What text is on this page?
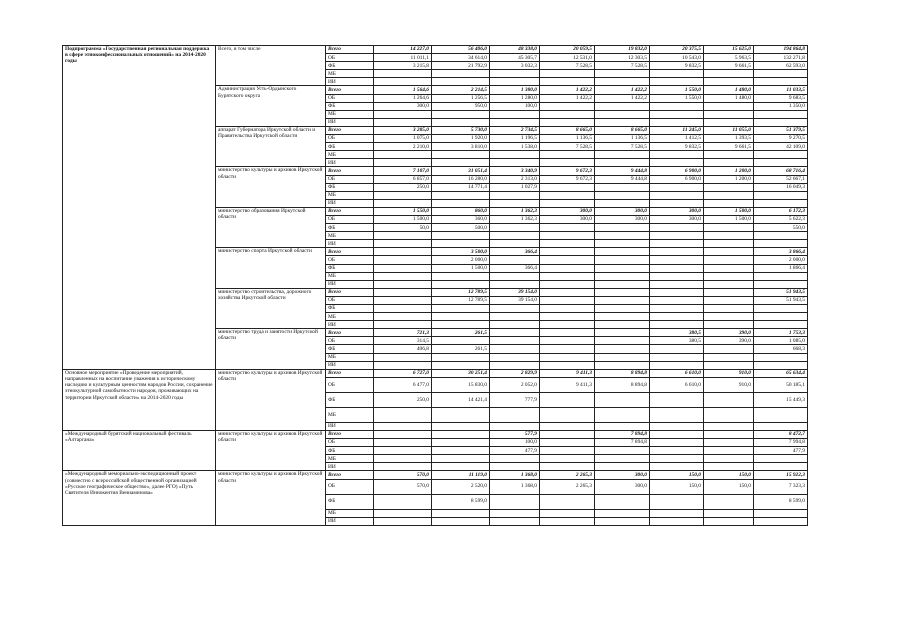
Подпрограмма «Государственная региональная поддержка в сфере этноконфессиональных отношений» на 2014-2020 годы	Всего, в том числе	Всего	14 227,0	56 406,0	48 338,0	20 059,5	19 832,0	20 375,5	15 625,0	194 864,8
		ОБ	11 011,1	34 614,0	45 305,7	12 531,0	12 303,5	10 543,0	5 963,5	132 271,8
		ФБ	3 215,8	21 792,9	3 032,3	7 528,5	7 528,5	9 832,5	9 661,5	62 593,0
		МБ								
		ИИ								
	Администрация Усть-Ордынского Бурятского округа	Всего	1 564,6	2 214,5	1 380,0	1 422,2	1 422,2	1 550,0	1 480,0	11 033,5
		ОБ	1 264,6	1 256,5	1 280,0	1 422,2	1 422,2	1 550,0	1 480,0	9 683,5
		ФБ	300,0	950,0	100,0					1 350,0
		МБ								
		ИИ								
	аппарат Губернатора Иркутской области и Правительства Иркутской области	Всего	3 285,0	5 730,0	2 734,5	8 665,0	8 665,0	11 245,0	11 055,0	51 379,5
		ОБ	1 075,0	1 920,0	1 196,5	1 136,5	1 136,5	1 412,5	1 393,5	9 270,5
		ФБ	2 210,0	3 810,0	1 538,0	7 528,5	7 528,5	9 832,5	9 661,5	42 109,0
		МБ								
		ИИ								
	министерство культуры и архивов Иркутской области	Всего	7 107,0	31 051,4	3 340,9	9 672,3	9 444,8	6 900,0	1 200,0	68 716,4
		ОБ	6 857,0	16 280,0	2 313,0	9 672,3	9 444,8	6 900,0	1 200,0	52 667,1
		ФБ	250,0	14 771,4	1 027,9					16 049,3
		МБ								
		ИИ								
	министерство образования Иркутской области	Всего	1 550,0	860,0	1 362,3	300,0	300,0	300,0	1 500,0	6 172,3
		ОБ	1 500,0	360,0	1 362,3	300,0	300,0	300,0	1 500,0	5 622,3
		ФБ	50,0	500,0						550,0
		МБ								
		ИИ								
	министерство спорта Иркутской области	Всего		3 500,0	366,4					3 866,4
		ОБ		2 000,0						2 000,0
		ФБ		1 500,0	366,4					1 866,4
		МБ								
		ИИ								
	министерство строительства, дорожного хозяйства Иркутской области	Всего		12 789,5	39 154,0					51 943,5
		ОБ		12 789,5	39 154,0					51 943,5
		ФБ								
		МБ								
		ИИ								
	министерство труда и занятости Иркутской области	Всего	721,3	261,5				380,5	390,0	1 753,3
		ОБ	314,5					380,5	390,0	1 085,0
		ФБ	406,8	261,5						668,3
		МБ								
		ИИ								
Основное мероприятие «Проведение мероприятий, направленных на воспитание уважения к историческому наследию и культурным ценностям народов России, сохранение этнокультурной самобытности народов, проживающих на территории Иркутской области» на 2014-2020 годы	министерство культуры и архивов Иркутской области	Всего	6 727,0	30 251,4	2 829,9	9 411,3	8 894,8	6 610,0	910,0	65 634,4
		ОБ	6 477,0	15 830,0	2 052,0	9 411,3	8 894,8	6 610,0	910,0	50 185,1
		ФБ	250,0	14 421,4	777,9					15 449,3
		МБ								
		ИИ								
«Международный бурятский национальный фестиваль «Алтаргана»	министерство культуры и архивов Иркутской области	Всего			577,9		7 894,8			8 472,7
		ОБ			100,0		7 894,8			7 994,8
		ФБ			477,9					477,9
		МБ								
		ИИ								
«Международный мемориально-экспедиционный проект (совместно с всероссийской общественной организацией «Русское географическое общество», далее РГО) «Путь Святителя Иннокентия Вениаминова»	министерство культуры и архивов Иркутской области	Всего	570,0	11 119,0	1 368,0	2 265,3	300,0	150,0	150,0	15 922,3
		ОБ	570,0	2 520,0	1 368,0	2 265,3	300,0	150,0	150,0	7 323,3
		ФБ		8 599,0						8 599,0
		МБ								
		ИИ								
